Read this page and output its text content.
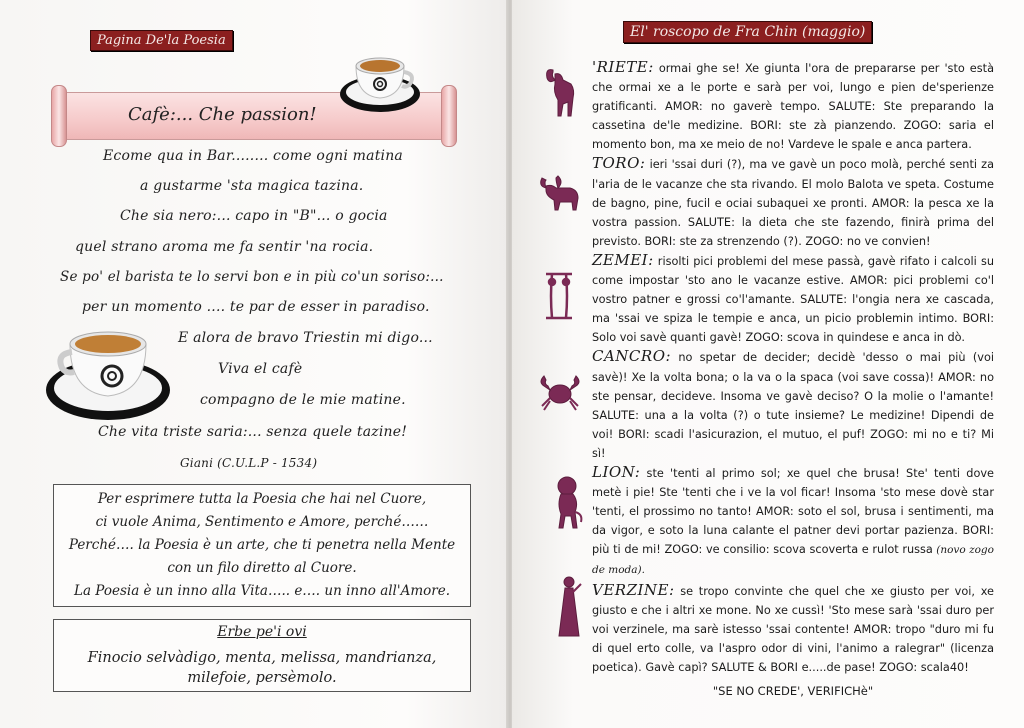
Pagina De'la Poesia
Cafè:... Che passion!
Ecome qua in Bar........ come ogni matina
a gustarme 'sta magica tazina.
Che sia nero:... capo in "B"... o gocia
quel strano aroma me fa sentir 'na rocia.
Se po' el barista te lo servi bon e in più co'un soriso:...
per un momento .... te par de esser in paradiso.
E alora de bravo Triestin mi digo...
Viva el cafè
compagno de le mie matine.
Che vita triste saria:... senza quele tazine!
Giani (C.U.L.P - 1534)
Per esprimere tutta la Poesia che hai nel Cuore,
ci vuole Anima, Sentimento e Amore, perché……
Perché…. la Poesia è un arte, che ti penetra nella Mente
con un filo diretto al Cuore.
La Poesia è un inno alla Vita….. e…. un inno all'Amore.
Erbe pe'i ovi
Finocio selvàdigo, menta, melissa, mandrianza,
milefoie, persèmolo.
El' roscopo de Fra Chin (maggio)

'RIETE: ormai ghe se! Xe giunta l'ora de prepararse per 'sto està che ormai xe a le porte e sarà per voi, lungo e pien de'sperienze gratificanti. AMOR: no gaverè tempo. SALUTE: Ste preparando la cassetina de'le medizine. BORI: ste zà pianzendo. ZOGO: saria el momento bon, ma xe meio de no! Vardeve le spale e anca partera.

TORO: ieri 'ssai duri (?), ma ve gavè un poco molà, perché senti za l'aria de le vacanze che sta rivando. El molo Balota ve speta. Costume de bagno, pine, fucil e ociai subaquei xe pronti. AMOR: la pesca xe la vostra passion. SALUTE: la dieta che ste fazendo, finirà prima del previsto. BORI: ste za strenzendo (?). ZOGO: no ve convien!

ZEMEI: risolti pici problemi del mese passà, gavè rifato i calcoli su come impostar 'sto ano le vacanze estive. AMOR: pici problemi co'l vostro patner e grossi co'l'amante. SALUTE: l'ongia nera xe cascada, ma 'ssai ve spiza le tempie e anca, un picio problemin intimo. BORI: Solo voi savè quanti gavè! ZOGO: scova in quindese e anca in dò.

CANCRO: no spetar de decider; decidè 'desso o mai più (voi savè)! Xe la volta bona; o la va o la spaca (voi save cossa)! AMOR: no ste pensar, decideve. Insoma ve gavè deciso? O la molie o l'amante! SALUTE: una a la volta (?) o tute insieme? Le medizine! Dipendi de voi! BORI: scadi l'asicurazion, el mutuo, el puf! ZOGO: mi no e ti? Mi sì!

LION: ste 'tenti al primo sol; xe quel che brusa! Ste' tenti dove metè i pie! Ste 'tenti che i ve la vol ficar! Insoma 'sto mese dovè star 'tenti, el prossimo no tanto! AMOR: soto el sol, brusa i sentimenti, ma da vigor, e soto la luna calante el patner devi portar pazienza. BORI: più ti de mi! ZOGO: ve consilio: scova scoverta e rulot russa (novo zogo de moda).

VERZINE: se tropo convinte che quel che xe giusto per voi, xe giusto e che i altri xe mone. No xe cussì! 'Sto mese sarà 'ssai duro per voi verzinele, ma sarè istesso 'ssai contente! AMOR: tropo "duro mi fu di quel erto colle, va l'aspro odor di vini, l'animo a ralegrar" (licenza poetica). Gavè capì? SALUTE & BORI e.....de pase! ZOGO: scala40!

"SE NO CREDE', VERIFICHè"
